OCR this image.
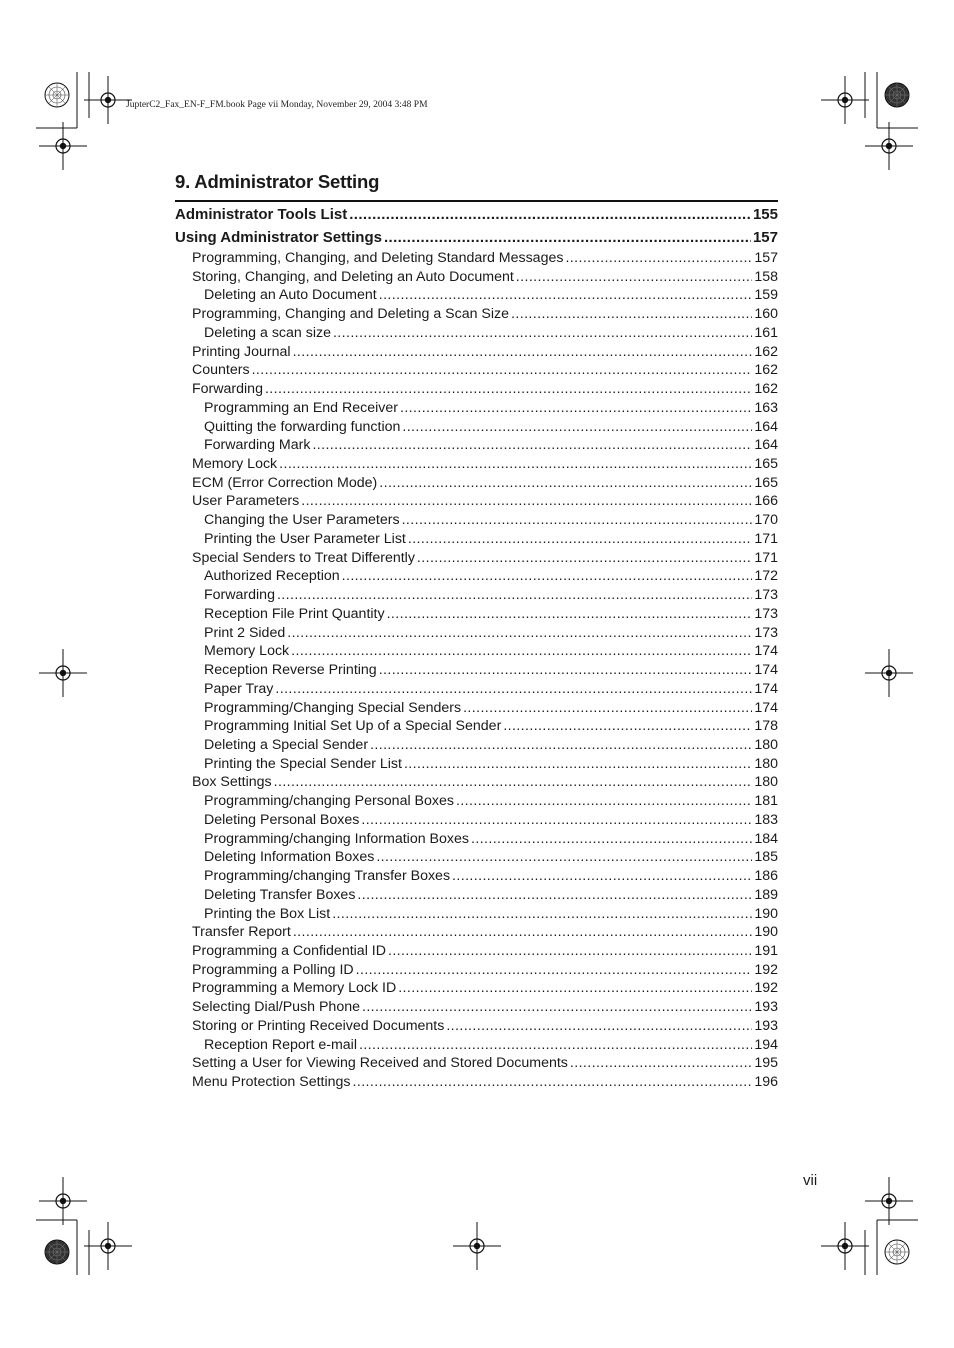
JupterC2_Fax_EN-F_FM.book Page vii Monday, November 29, 2004 3:48 PM
9. Administrator Setting
Administrator Tools List .....	155
Using Administrator Settings .....	157
Programming, Changing, and Deleting Standard Messages .....	157
Storing, Changing, and Deleting an Auto Document .....	158
Deleting an Auto Document .....	159
Programming, Changing and Deleting a Scan Size .....	160
Deleting a scan size .....	161
Printing Journal .....	162
Counters .....	162
Forwarding .....	162
Programming an End Receiver .....	163
Quitting the forwarding function .....	164
Forwarding Mark .....	164
Memory Lock .....	165
ECM (Error Correction Mode) .....	165
User Parameters .....	166
Changing the User Parameters .....	170
Printing the User Parameter List .....	171
Special Senders to Treat Differently .....	171
Authorized Reception .....	172
Forwarding .....	173
Reception File Print Quantity .....	173
Print 2 Sided .....	173
Memory Lock .....	174
Reception Reverse Printing .....	174
Paper Tray .....	174
Programming/Changing Special Senders .....	174
Programming Initial Set Up of a Special Sender .....	178
Deleting a Special Sender .....	180
Printing the Special Sender List .....	180
Box Settings .....	180
Programming/changing Personal Boxes .....	181
Deleting Personal Boxes .....	183
Programming/changing Information Boxes .....	184
Deleting Information Boxes .....	185
Programming/changing Transfer Boxes .....	186
Deleting Transfer Boxes .....	189
Printing the Box List .....	190
Transfer Report .....	190
Programming a Confidential ID .....	191
Programming a Polling ID .....	192
Programming a Memory Lock ID .....	192
Selecting Dial/Push Phone .....	193
Storing or Printing Received Documents .....	193
Reception Report e-mail .....	194
Setting a User for Viewing Received and Stored Documents .....	195
Menu Protection Settings .....	196
vii
